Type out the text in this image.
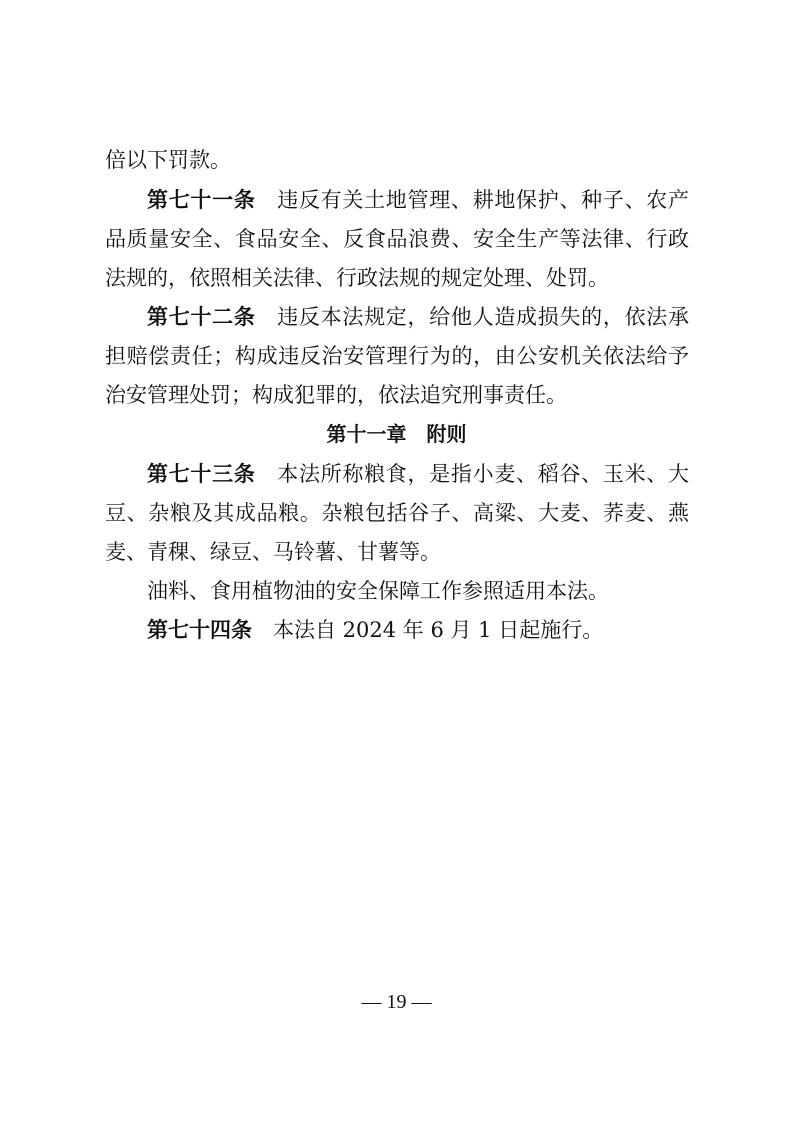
倍以下罚款。
第七十一条 违反有关土地管理、耕地保护、种子、农产
品质量安全、食品安全、反食品浪费、安全生产等法律、行政
法规的，依照相关法律、行政法规的规定处理、处罚。
第七十二条 违反本法规定，给他人造成损失的，依法承
担赔偿责任；构成违反治安管理行为的，由公安机关依法给予
治安管理处罚；构成犯罪的，依法追究刑事责任。
第十一章　附则
第七十三条 本法所称粮食，是指小麦、稻谷、玉米、大
豆、杂粮及其成品粮。杂粮包括谷子、高粱、大麦、荞麦、燕
麦、青稞、绿豆、马铃薯、甘薯等。
油料、食用植物油的安全保障工作参照适用本法。
第七十四条 本法自 2024 年 6 月 1 日起施行。
— 19 —
